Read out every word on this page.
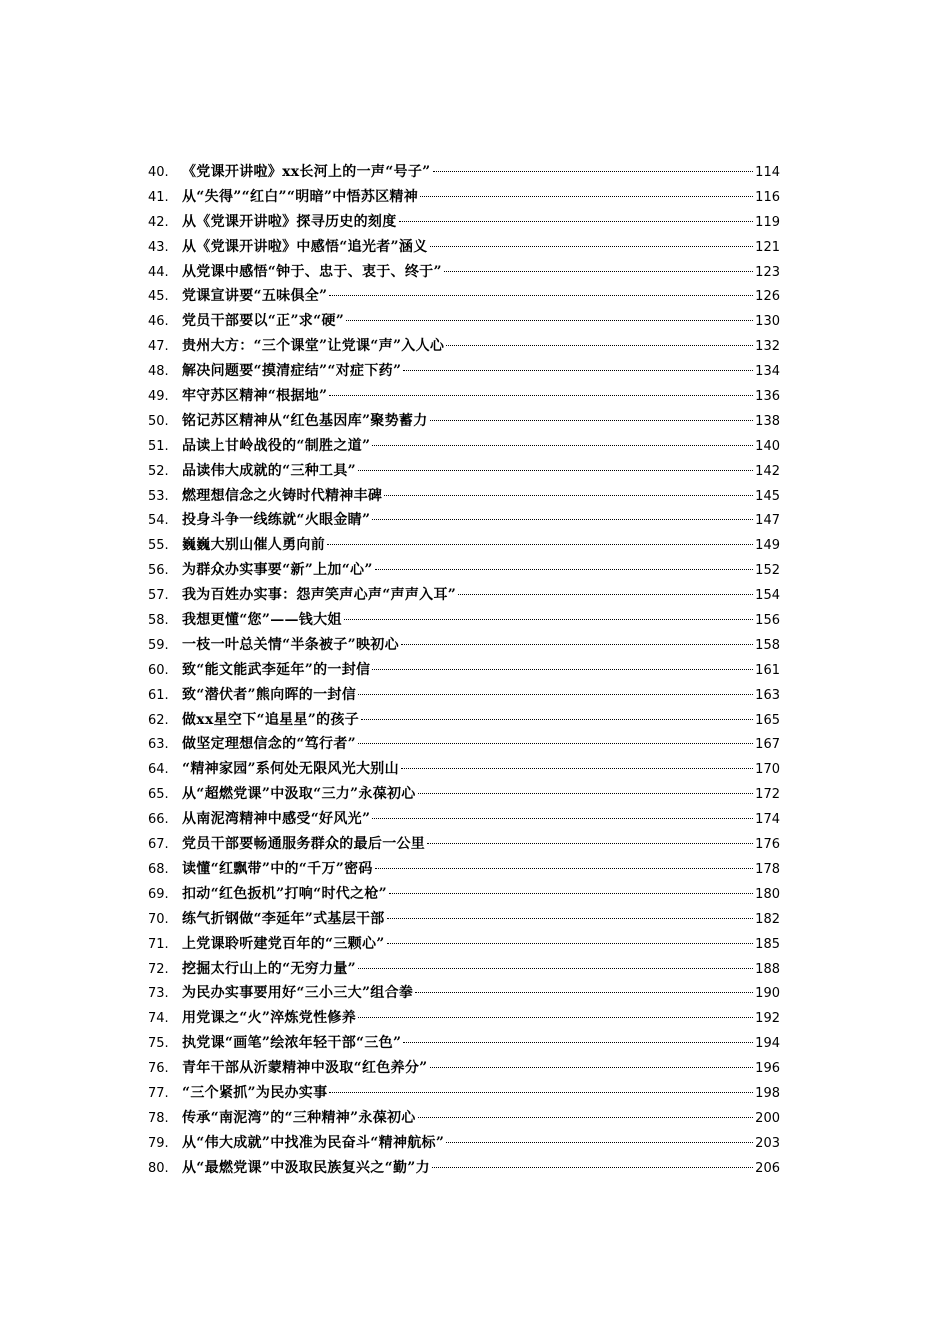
40. 《党课开讲啦》xx长河上的一声“号子”	114
41. 从“失得”“红白”“明暗”中悟苏区精神	116
42. 从《党课开讲啦》探寻历史的刻度	119
43. 从《党课开讲啦》中感悟“追光者”涵义	121
44. 从党课中感悟“钟于、忠于、衷于、终于”	123
45. 党课宣讲要“五味俱全”	126
46. 党员干部要以“正”求“硬”	130
47. 贵州大方：“三个课堂”让党课“声”入人心	132
48. 解决问题要“摸清症结”“对症下药”	134
49. 牢守苏区精神“根据地”	136
50. 铭记苏区精神从“红色基因库”聚势蓄力	138
51. 品读上甘岭战役的“制胜之道”	140
52. 品读伟大成就的“三种工具”	142
53. 燃理想信念之火铸时代精神丰碑	145
54. 投身斗争一线练就“火眼金睛”	147
55. 巍巍大别山催人勇向前	149
56. 为群众办实事要“新”上加“心”	152
57. 我为百姓办实事：怨声笑声心声“声声入耳”	154
58. 我想更懂“您”——钱大姐	156
59. 一枝一叶总关情“半条被子”映初心	158
60. 致“能文能武李延年”的一封信	161
61. 致“潜伏者”熊向晖的一封信	163
62. 做xx星空下“追星星”的孩子	165
63. 做坚定理想信念的“笃行者”	167
64. “精神家园”系何处无限风光大别山	170
65. 从“超燃党课”中汲取“三力”永葆初心	172
66. 从南泥湾精神中感受“好风光”	174
67. 党员干部要畅通服务群众的最后一公里	176
68. 读懂“红飘带”中的“千万”密码	178
69. 扣动“红色扳机”打响“时代之枪”	180
70. 练气折钢做“李延年”式基层干部	182
71. 上党课聆听建党百年的“三颗心”	185
72. 挖掘太行山上的“无穷力量”	188
73. 为民办实事要用好“三小三大”组合拳	190
74. 用党课之“火”淬炼党性修养	192
75. 执党课“画笔”绘浓年轻干部“三色”	194
76. 青年干部从沂蒙精神中汲取“红色养分”	196
77. “三个紧抓”为民办实事	198
78. 传承“南泥湾”的“三种精神”永葆初心	200
79. 从“伟大成就”中找准为民奋斗“精神航标”	203
80. 从“最燃党课”中汲取民族复兴之“勤”力	206
